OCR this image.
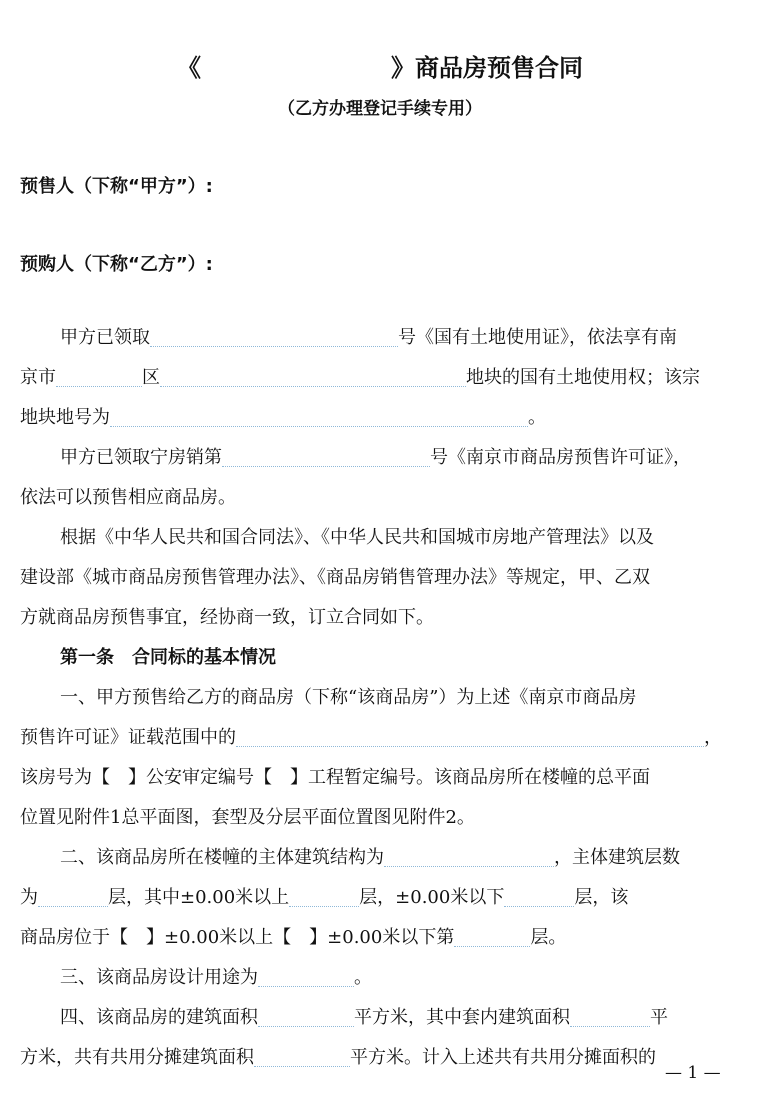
《	》商品房预售合同
（乙方办理登记手续专用）
预售人（下称“甲方”）:
预购人（下称“乙方”）:
甲方已领取	号《国有土地使用证》，依法享有南
京市	区	地块的国有土地使用权；该宗
地块地号为	。
甲方已领取宁房销第	号《南京市商品房预售许可证》，
依法可以预售相应商品房。
根据《中华人民共和国合同法》、《中华人民共和国城市房地产管理法》以及
建设部《城市商品房预售管理办法》、《商品房销售管理办法》等规定，甲、乙双
方就商品房预售事宜，经协商一致，订立合同如下。
第一条　合同标的基本情况
一、甲方预售给乙方的商品房（下称“该商品房”）为上述《南京市商品房
预售许可证》证载范围中的	，
该房号为【　】公安审定编号【　】工程暂定编号。该商品房所在楼幢的总平面
位置见附件1总平面图，套型及分层平面位置图见附件2。
二、该商品房所在楼幢的主体建筑结构为	，主体建筑层数
为	层，其中±0.00米以上	层，±0.00米以下	层，该
商品房位于【　】±0.00米以上【　】±0.00米以下第	层。
三、该商品房设计用途为	。
四、该商品房的建筑面积	平方米，其中套内建筑面积	平
方米，共有共用分摊建筑面积	平方米。计入上述共有共用分摊面积的
— 1 —
